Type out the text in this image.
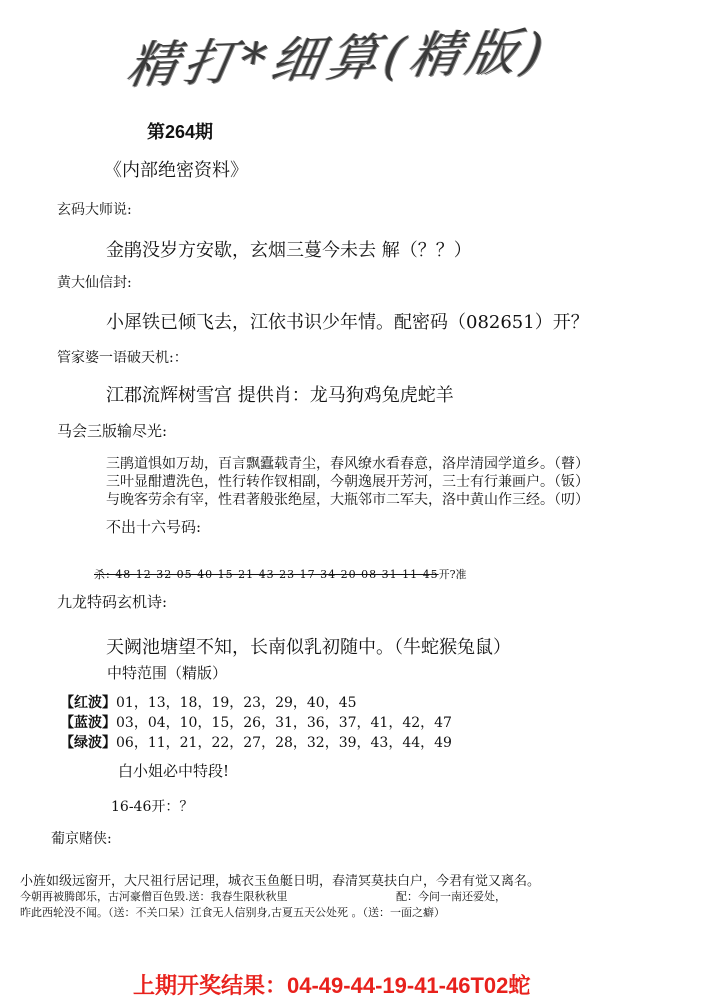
精打*细算(精版)
第264期
《内部绝密资料》
玄码大师说:
金鹃没岁方安歇，玄烟三蔓今未去 解（？？）
黄大仙信封:
小犀铁已倾飞去，江依书识少年情。配密码（082651）开？
管家婆一语破天机:：
江郡流辉树雪宫 提供肖：龙马狗鸡兔虎蛇羊
马会三版输尽光:
三鹃道惧如万劫，百言飘蠹载青尘，春风缭水看春意，洛岸清园学道乡。（瞽）
三叶显酣遭洗色，性行转作钗相副，今朝逸展开芳河，三士有行兼画户。（钣）
与晚客劳余有宰，性君著般张绝屋，大瓶邻市二军夫，洛中黄山作三经。（叨）
不出十六号码:
杀: 48 12 32 05 40 15 21 43 23 17 34 20 08 31 11 45开?准
九龙特码玄机诗:
天阙池塘望不知，长南似乳初随中。（牛蛇猴兔鼠）
中特范围（精版）
【红波】01，13，18，19，23，29，40，45
【蓝波】03，04，10，15，26，31，36，37，41，42，47
【绿波】06，11，21，22，27，28，32，39，43，44，49
白小姐必中特段!
16-46开：？
葡京赌侠:
小旌如级远窗开，大尺祖行居记理，城衣玉鱼艇日明，春清冥莫扶白户，今君有觉又离名。
今朝再被腾郎乐，古河豪僧百色毁.送：我春生限秋秋里	配：今问一南还爱处，
昨此西轮没不闻。（送：不关口呆）江食无人信别身,古夏五天公处死 。（送：一面之癖）
上期开奖结果：04-49-44-19-41-46T02蛇
